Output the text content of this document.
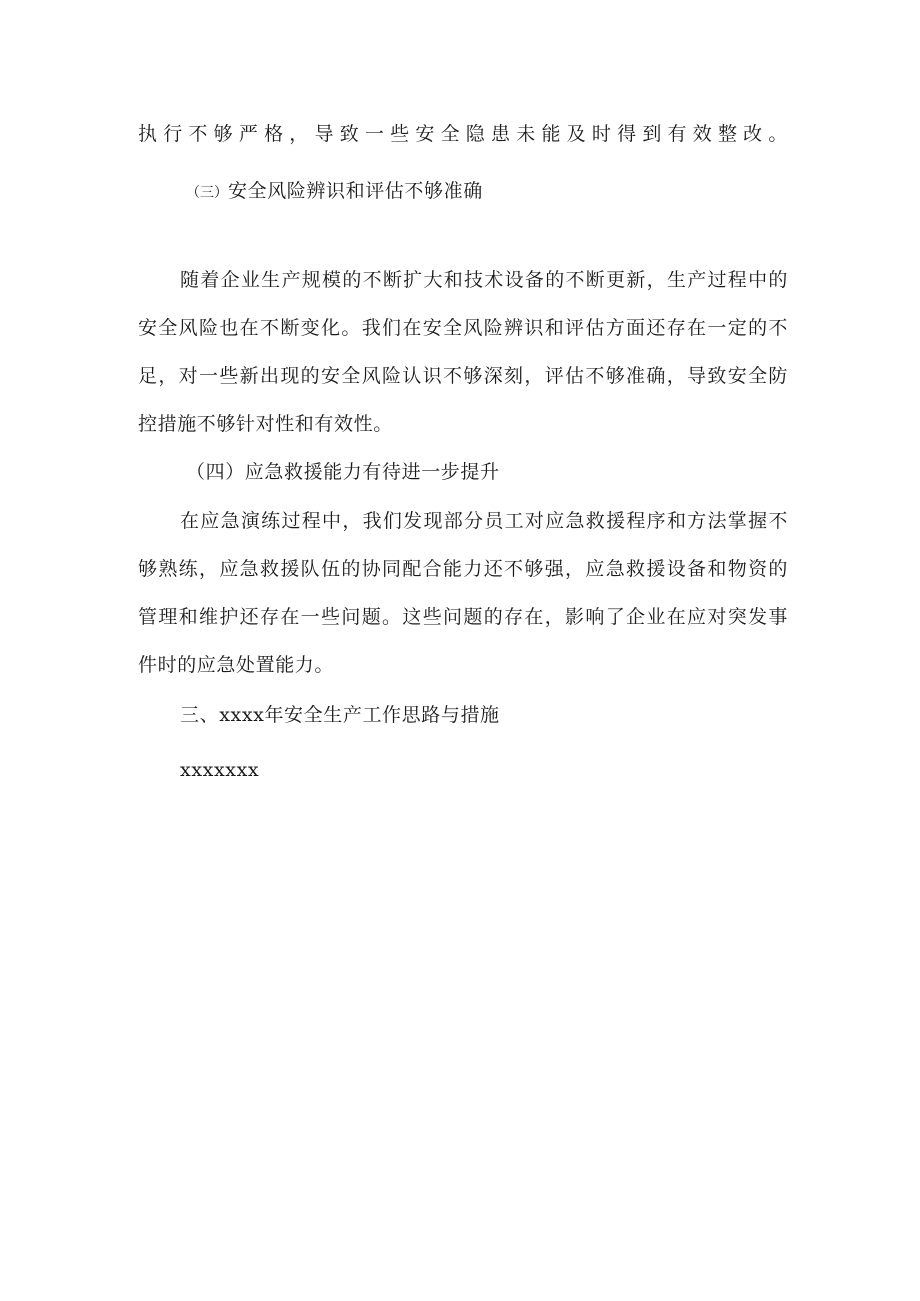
执行不够严格，导致一些安全隐患未能及时得到有效整改。
（三）安全风险辨识和评估不够准确
随着企业生产规模的不断扩大和技术设备的不断更新，生产过程中的
安全风险也在不断变化。我们在安全风险辨识和评估方面还存在一定的不
足，对一些新出现的安全风险认识不够深刻，评估不够准确，导致安全防
控措施不够针对性和有效性。
（四）应急救援能力有待进一步提升
在应急演练过程中，我们发现部分员工对应急救援程序和方法掌握不
够熟练，应急救援队伍的协同配合能力还不够强，应急救援设备和物资的
管理和维护还存在一些问题。这些问题的存在，影响了企业在应对突发事
件时的应急处置能力。
三、xxxx年安全生产工作思路与措施
xxxxxxx
